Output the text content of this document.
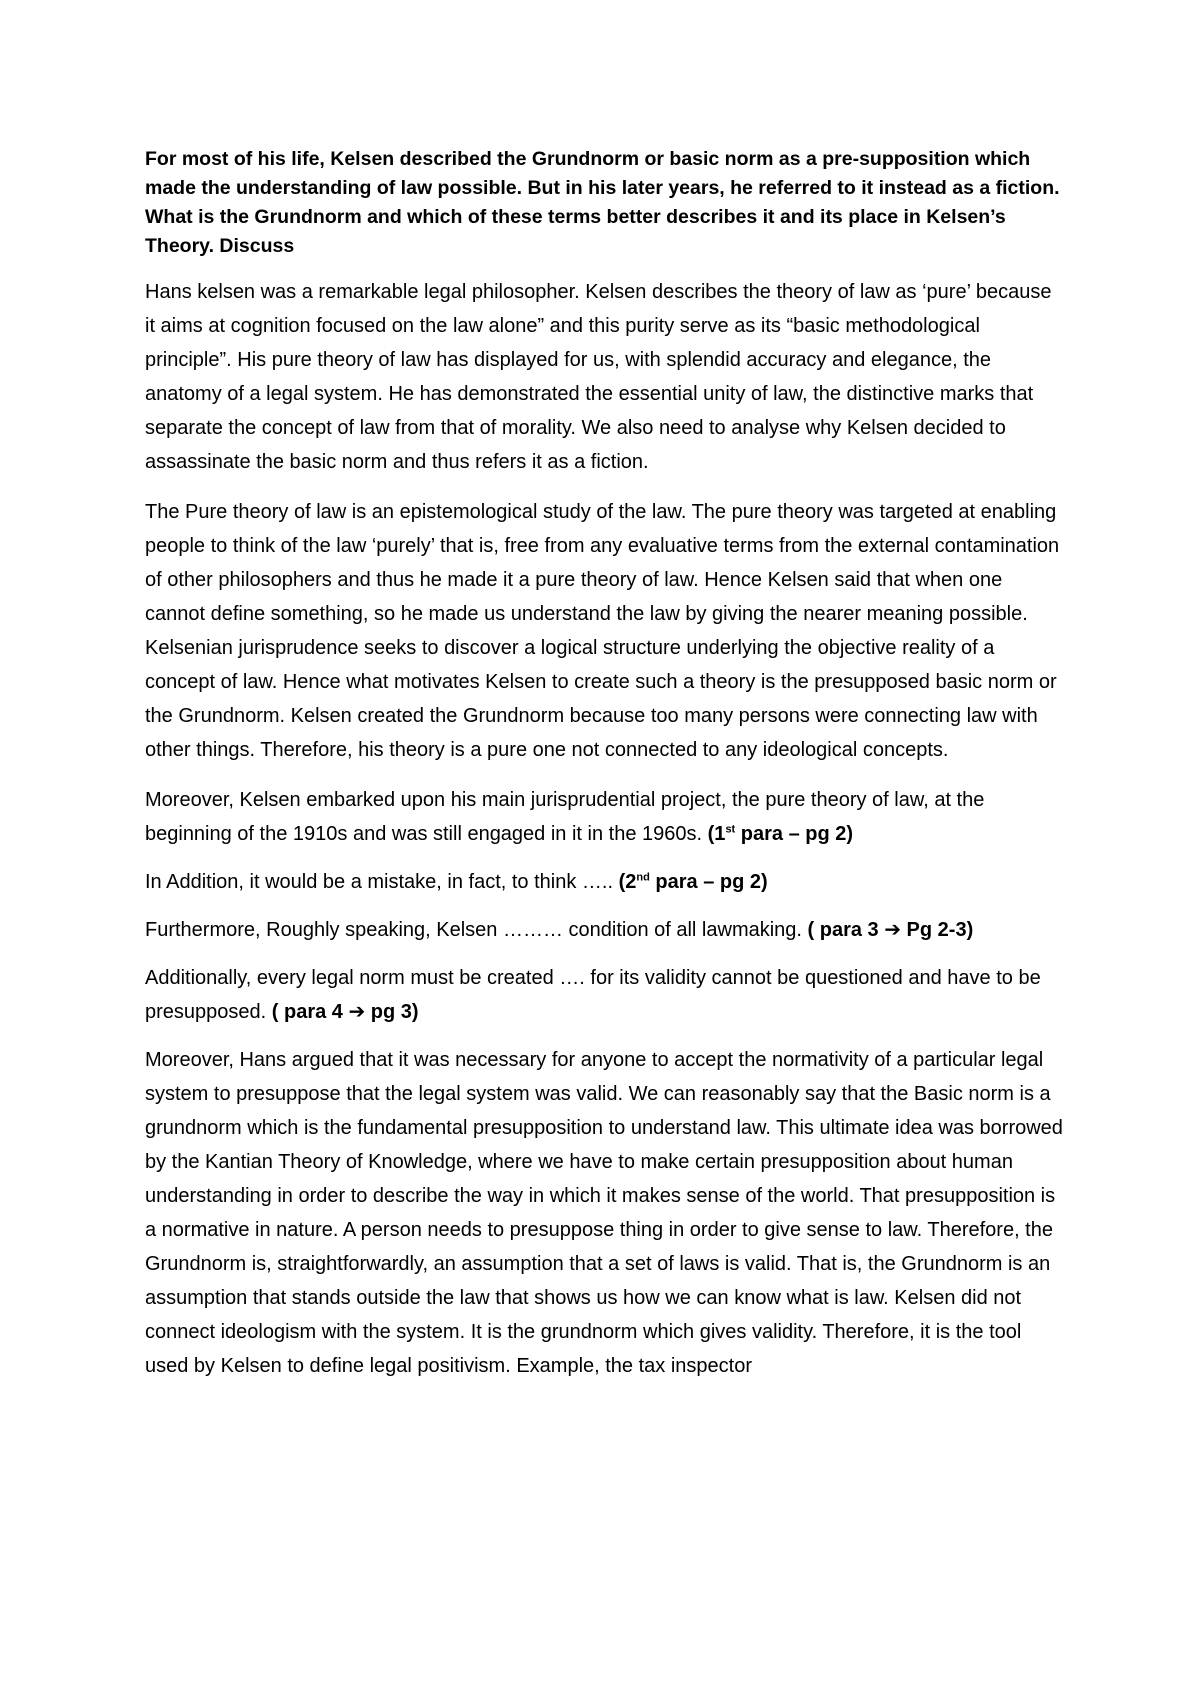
For most of his life, Kelsen described the Grundnorm or basic norm as a pre-supposition which made the understanding of law possible. But in his later years, he referred to it instead as a fiction. What is the Grundnorm and which of these terms better describes it and its place in Kelsen’s Theory. Discuss

Hans kelsen was a remarkable legal philosopher. Kelsen describes the theory of law as ‘pure’ because it aims at cognition focused on the law alone” and this purity serve as its “basic methodological principle”. His pure theory of law has displayed for us, with splendid accuracy and elegance, the anatomy of a legal system. He has demonstrated the essential unity of law, the distinctive marks that separate the concept of law from that of morality. We also need to analyse why Kelsen decided to assassinate the basic norm and thus refers it as a fiction.

The Pure theory of law is an epistemological study of the law. The pure theory was targeted at enabling people to think of the law ‘purely’ that is, free from any evaluative terms from the external contamination of other philosophers and thus he made it a pure theory of law. Hence Kelsen said that when one cannot define something, so he made us understand the law by giving the nearer meaning possible. Kelsenian jurisprudence seeks to discover a logical structure underlying the objective reality of a concept of law. Hence what motivates Kelsen to create such a theory is the presupposed basic norm or the Grundnorm. Kelsen created the Grundnorm because too many persons were connecting law with other things. Therefore, his theory is a pure one not connected to any ideological concepts.

Moreover, Kelsen embarked upon his main jurisprudential project, the pure theory of law, at the beginning of the 1910s and was still engaged in it in the 1960s. (1st para – pg 2)

In Addition, it would be a mistake, in fact, to think ….. (2nd para – pg 2)

Furthermore, Roughly speaking, Kelsen ……… condition of all lawmaking. ( para 3 ➔ Pg 2-3)

Additionally, every legal norm must be created …. for its validity cannot be questioned and have to be presupposed. ( para 4 ➔ pg 3)

Moreover, Hans argued that it was necessary for anyone to accept the normativity of a particular legal system to presuppose that the legal system was valid. We can reasonably say that the Basic norm is a grundnorm which is the fundamental presupposition to understand law. This ultimate idea was borrowed by the Kantian Theory of Knowledge, where we have to make certain presupposition about human understanding in order to describe the way in which it makes sense of the world. That presupposition is a normative in nature. A person needs to presuppose thing in order to give sense to law. Therefore, the Grundnorm is, straightforwardly, an assumption that a set of laws is valid. That is, the Grundnorm is an assumption that stands outside the law that shows us how we can know what is law. Kelsen did not connect ideologism with the system. It is the grundnorm which gives validity. Therefore, it is the tool used by Kelsen to define legal positivism. Example, the tax inspector
